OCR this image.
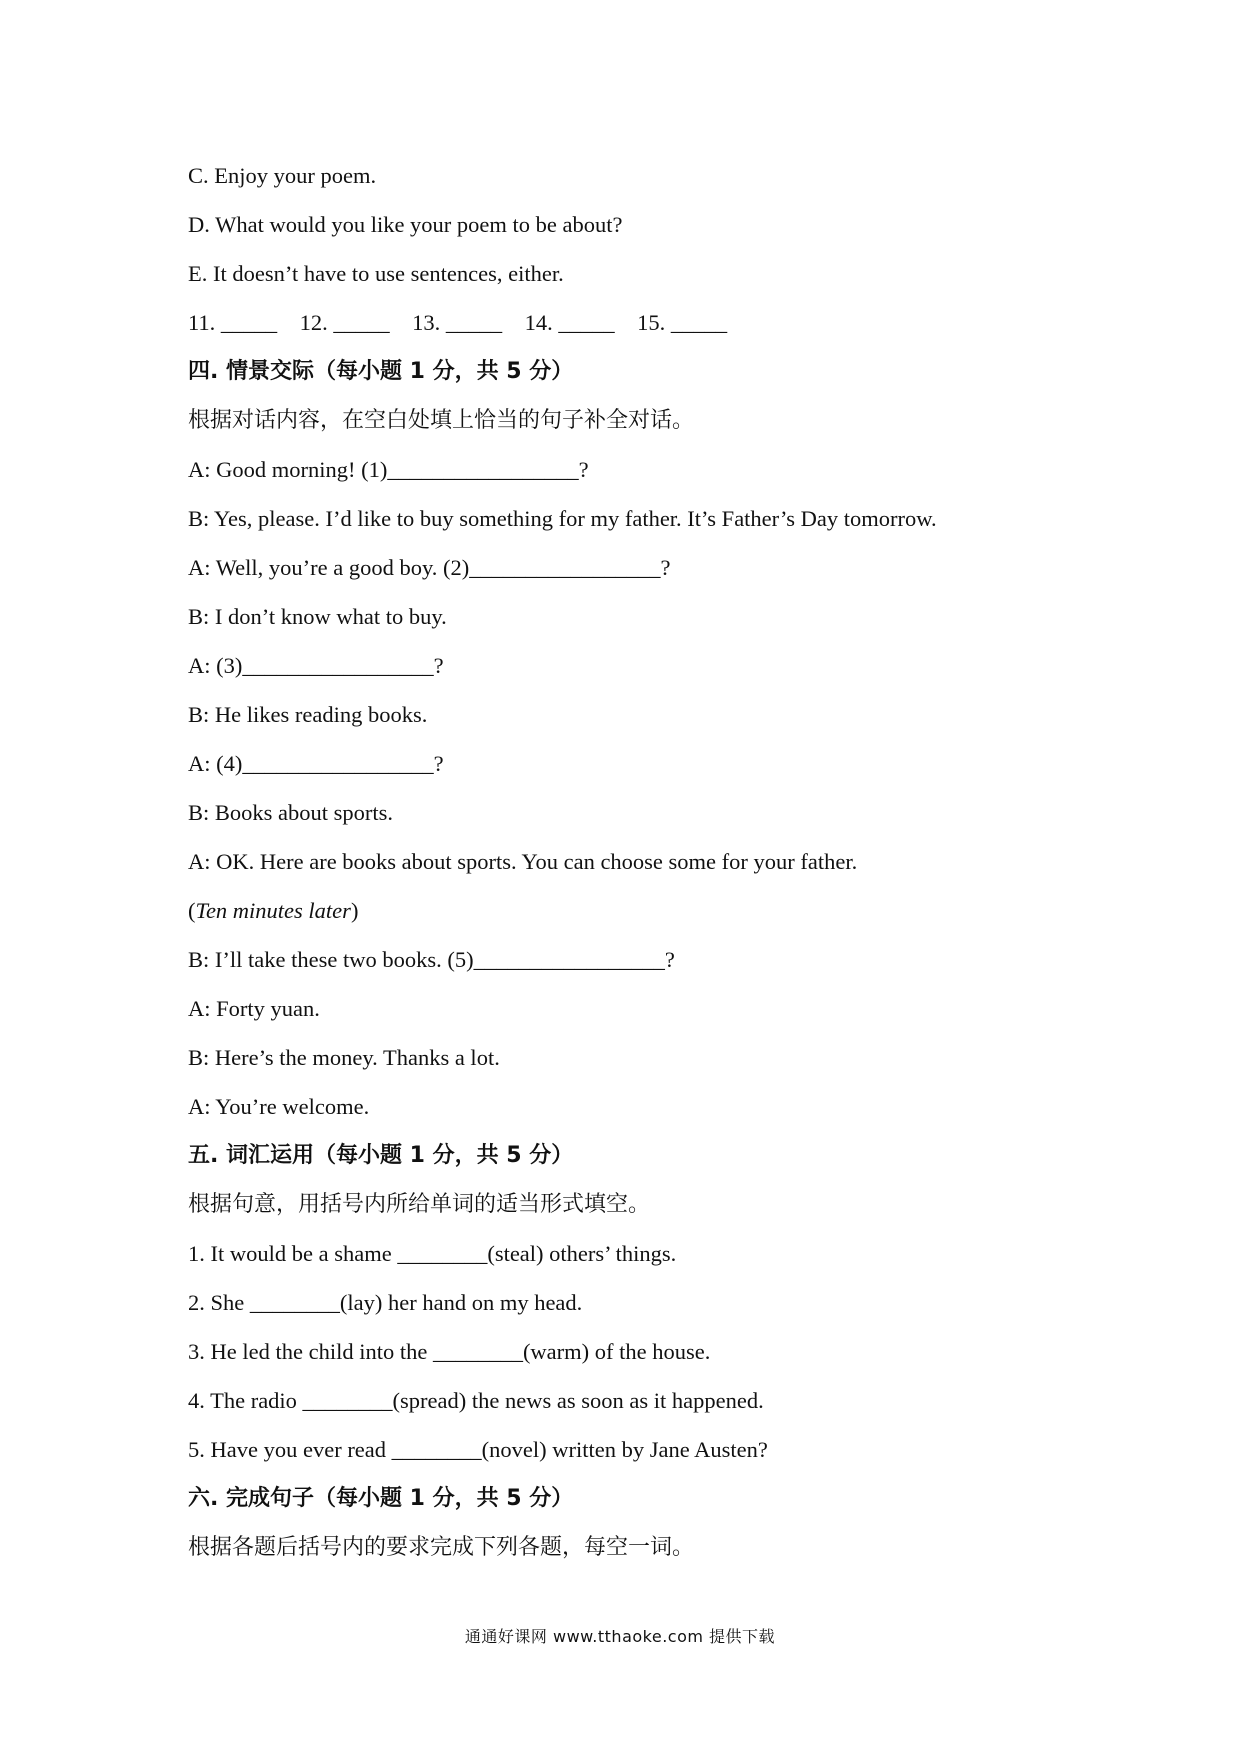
C. Enjoy your poem.

D. What would you like your poem to be about?

E. It doesn’t have to use sentences, either.

11. _____    12. _____    13. _____    14. _____    15. _____

四. 情景交际（每小题 1 分，共 5 分）

根据对话内容，在空白处填上恰当的句子补全对话。

A: Good morning! (1)_________________?

B: Yes, please. I’d like to buy something for my father. It’s Father’s Day tomorrow.

A: Well, you’re a good boy. (2)_________________?

B: I don’t know what to buy.

A: (3)_________________?

B: He likes reading books.

A: (4)_________________?

B: Books about sports.

A: OK. Here are books about sports. You can choose some for your father.

(Ten minutes later)

B: I’ll take these two books. (5)_________________?

A: Forty yuan.

B: Here’s the money. Thanks a lot.

A: You’re welcome.

五. 词汇运用（每小题 1 分，共 5 分）

根据句意，用括号内所给单词的适当形式填空。

1. It would be a shame ________(steal) others’ things.

2. She ________(lay) her hand on my head.

3. He led the child into the ________(warm) of the house.

4. The radio ________(spread) the news as soon as it happened.

5. Have you ever read ________(novel) written by Jane Austen?

六. 完成句子（每小题 1 分，共 5 分）

根据各题后括号内的要求完成下列各题，每空一词。

通通好课网 www.tthaoke.com 提供下载
